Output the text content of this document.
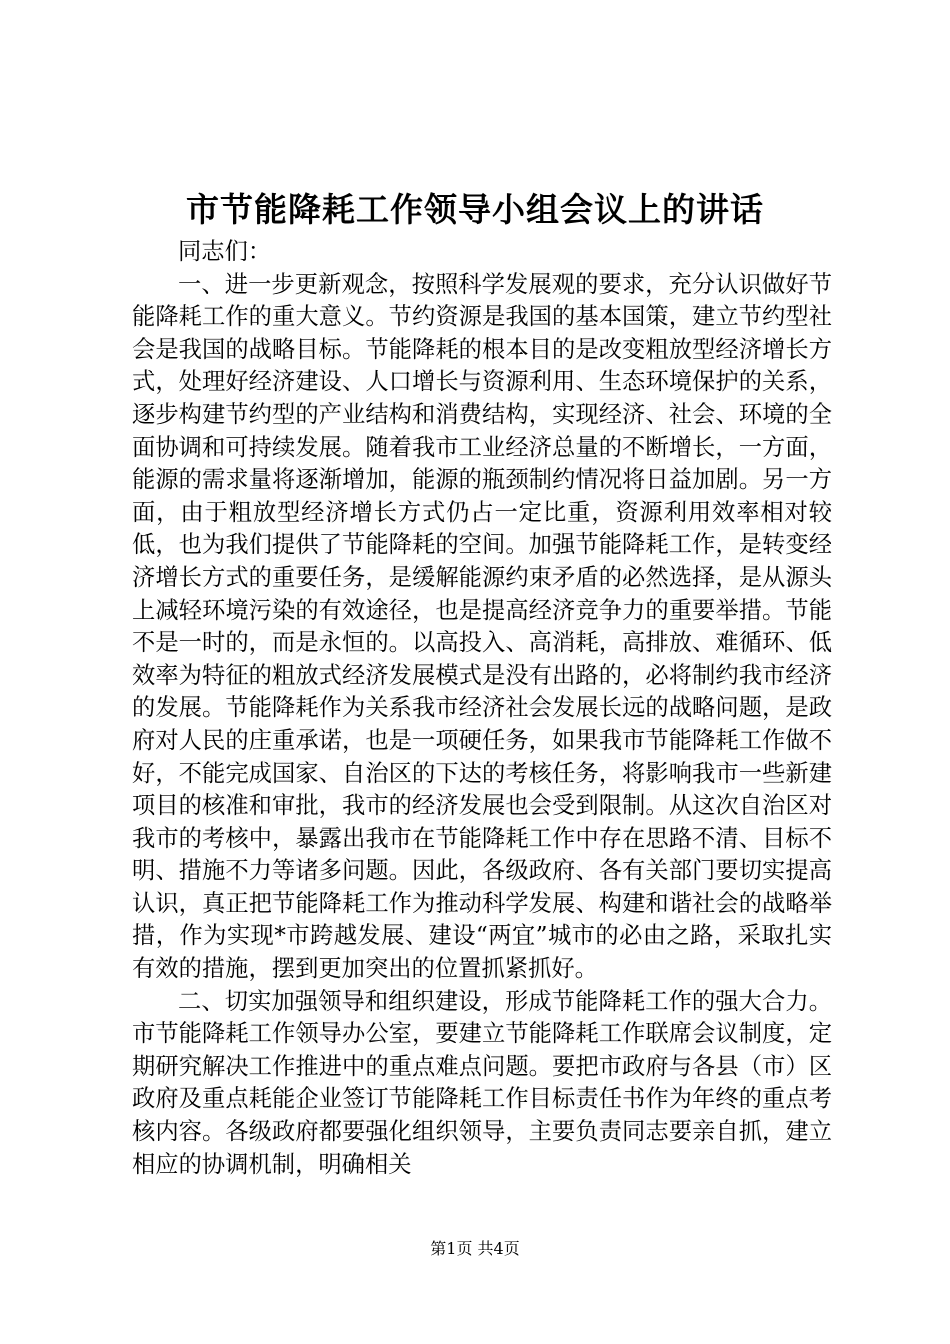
市节能降耗工作领导小组会议上的讲话

同志们：

一、进一步更新观念，按照科学发展观的要求，充分认识做好节能降耗工作的重大意义。节约资源是我国的基本国策，建立节约型社会是我国的战略目标。节能降耗的根本目的是改变粗放型经济增长方式，处理好经济建设、人口增长与资源利用、生态环境保护的关系，逐步构建节约型的产业结构和消费结构，实现经济、社会、环境的全面协调和可持续发展。随着我市工业经济总量的不断增长，一方面，能源的需求量将逐渐增加，能源的瓶颈制约情况将日益加剧。另一方面，由于粗放型经济增长方式仍占一定比重，资源利用效率相对较低，也为我们提供了节能降耗的空间。加强节能降耗工作，是转变经济增长方式的重要任务，是缓解能源约束矛盾的必然选择，是从源头上减轻环境污染的有效途径，也是提高经济竞争力的重要举措。节能不是一时的，而是永恒的。以高投入、高消耗，高排放、难循环、低效率为特征的粗放式经济发展模式是没有出路的，必将制约我市经济的发展。节能降耗作为关系我市经济社会发展长远的战略问题，是政府对人民的庄重承诺，也是一项硬任务，如果我市节能降耗工作做不好，不能完成国家、自治区的下达的考核任务，将影响我市一些新建项目的核准和审批，我市的经济发展也会受到限制。从这次自治区对我市的考核中，暴露出我市在节能降耗工作中存在思路不清、目标不明、措施不力等诸多问题。因此，各级政府、各有关部门要切实提高认识，真正把节能降耗工作为推动科学发展、构建和谐社会的战略举措，作为实现*市跨越发展、建设“两宜”城市的必由之路，采取扎实有效的措施，摆到更加突出的位置抓紧抓好。

二、切实加强领导和组织建设，形成节能降耗工作的强大合力。市节能降耗工作领导办公室，要建立节能降耗工作联席会议制度，定期研究解决工作推进中的重点难点问题。要把市政府与各县（市）区政府及重点耗能企业签订节能降耗工作目标责任书作为年终的重点考核内容。各级政府都要强化组织领导，主要负责同志要亲自抓，建立相应的协调机制，明确相关

第1页 共4页
